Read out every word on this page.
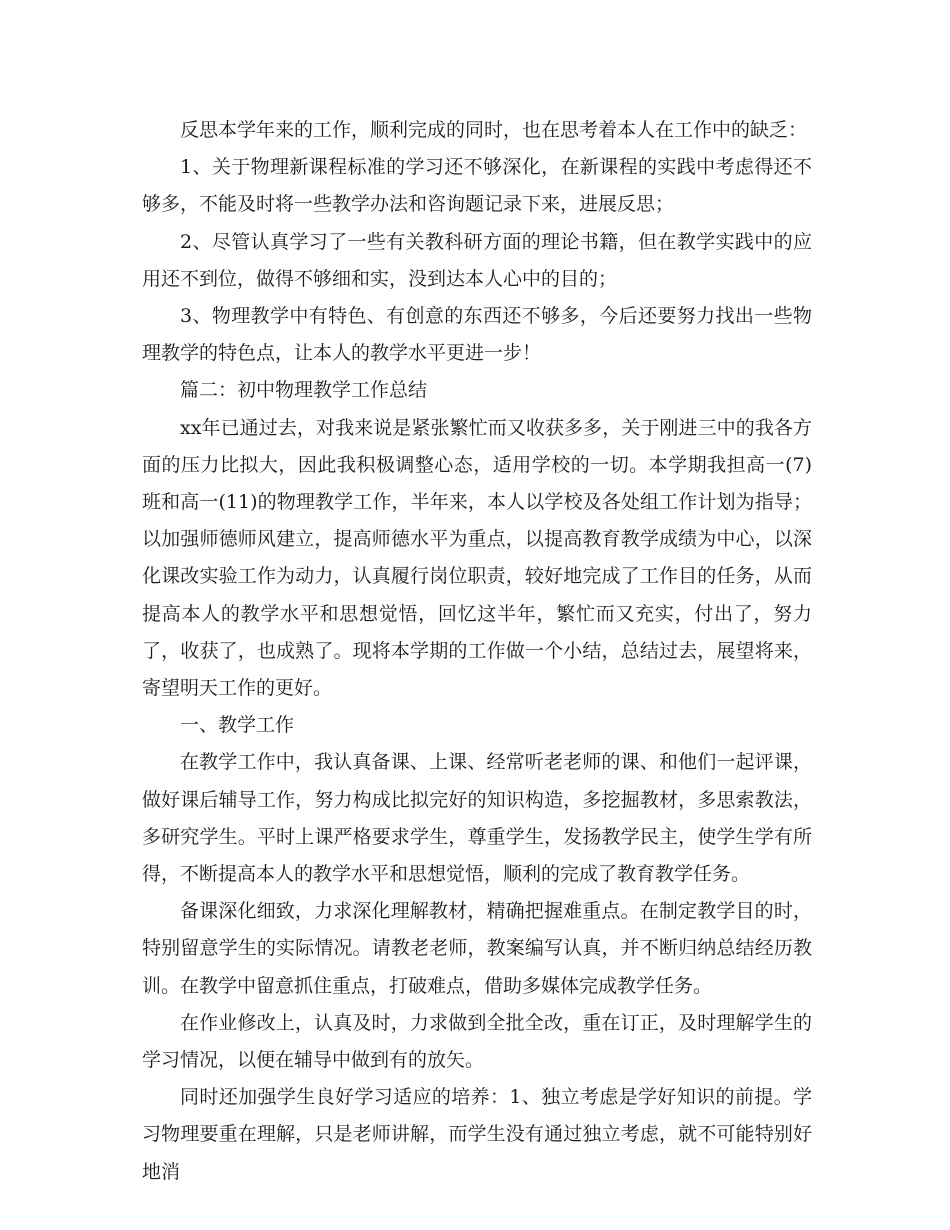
反思本学年来的工作，顺利完成的同时，也在思考着本人在工作中的缺乏：

1、关于物理新课程标准的学习还不够深化，在新课程的实践中考虑得还不够多，不能及时将一些教学办法和咨询题记录下来，进展反思；

2、尽管认真学习了一些有关教科研方面的理论书籍，但在教学实践中的应用还不到位，做得不够细和实，没到达本人心中的目的；

3、物理教学中有特色、有创意的东西还不够多，今后还要努力找出一些物理教学的特色点，让本人的教学水平更进一步！

篇二：初中物理教学工作总结

xx年已通过去，对我来说是紧张繁忙而又收获多多，关于刚进三中的我各方面的压力比拟大，因此我积极调整心态，适用学校的一切。本学期我担高一(7)班和高一(11)的物理教学工作，半年来，本人以学校及各处组工作计划为指导；以加强师德师风建立，提高师德水平为重点，以提高教育教学成绩为中心，以深化课改实验工作为动力，认真履行岗位职责，较好地完成了工作目的任务，从而提高本人的教学水平和思想觉悟，回忆这半年，繁忙而又充实，付出了，努力了，收获了，也成熟了。现将本学期的工作做一个小结，总结过去，展望将来，寄望明天工作的更好。

一、教学工作

在教学工作中，我认真备课、上课、经常听老老师的课、和他们一起评课，做好课后辅导工作，努力构成比拟完好的知识构造，多挖掘教材，多思索教法，多研究学生。平时上课严格要求学生，尊重学生，发扬教学民主，使学生学有所得，不断提高本人的教学水平和思想觉悟，顺利的完成了教育教学任务。

备课深化细致，力求深化理解教材，精确把握难重点。在制定教学目的时，特别留意学生的实际情况。请教老老师，教案编写认真，并不断归纳总结经历教训。在教学中留意抓住重点，打破难点，借助多媒体完成教学任务。

在作业修改上，认真及时，力求做到全批全改，重在订正，及时理解学生的学习情况，以便在辅导中做到有的放矢。

同时还加强学生良好学习适应的培养：1、独立考虑是学好知识的前提。学习物理要重在理解，只是老师讲解，而学生没有通过独立考虑，就不可能特别好地消
